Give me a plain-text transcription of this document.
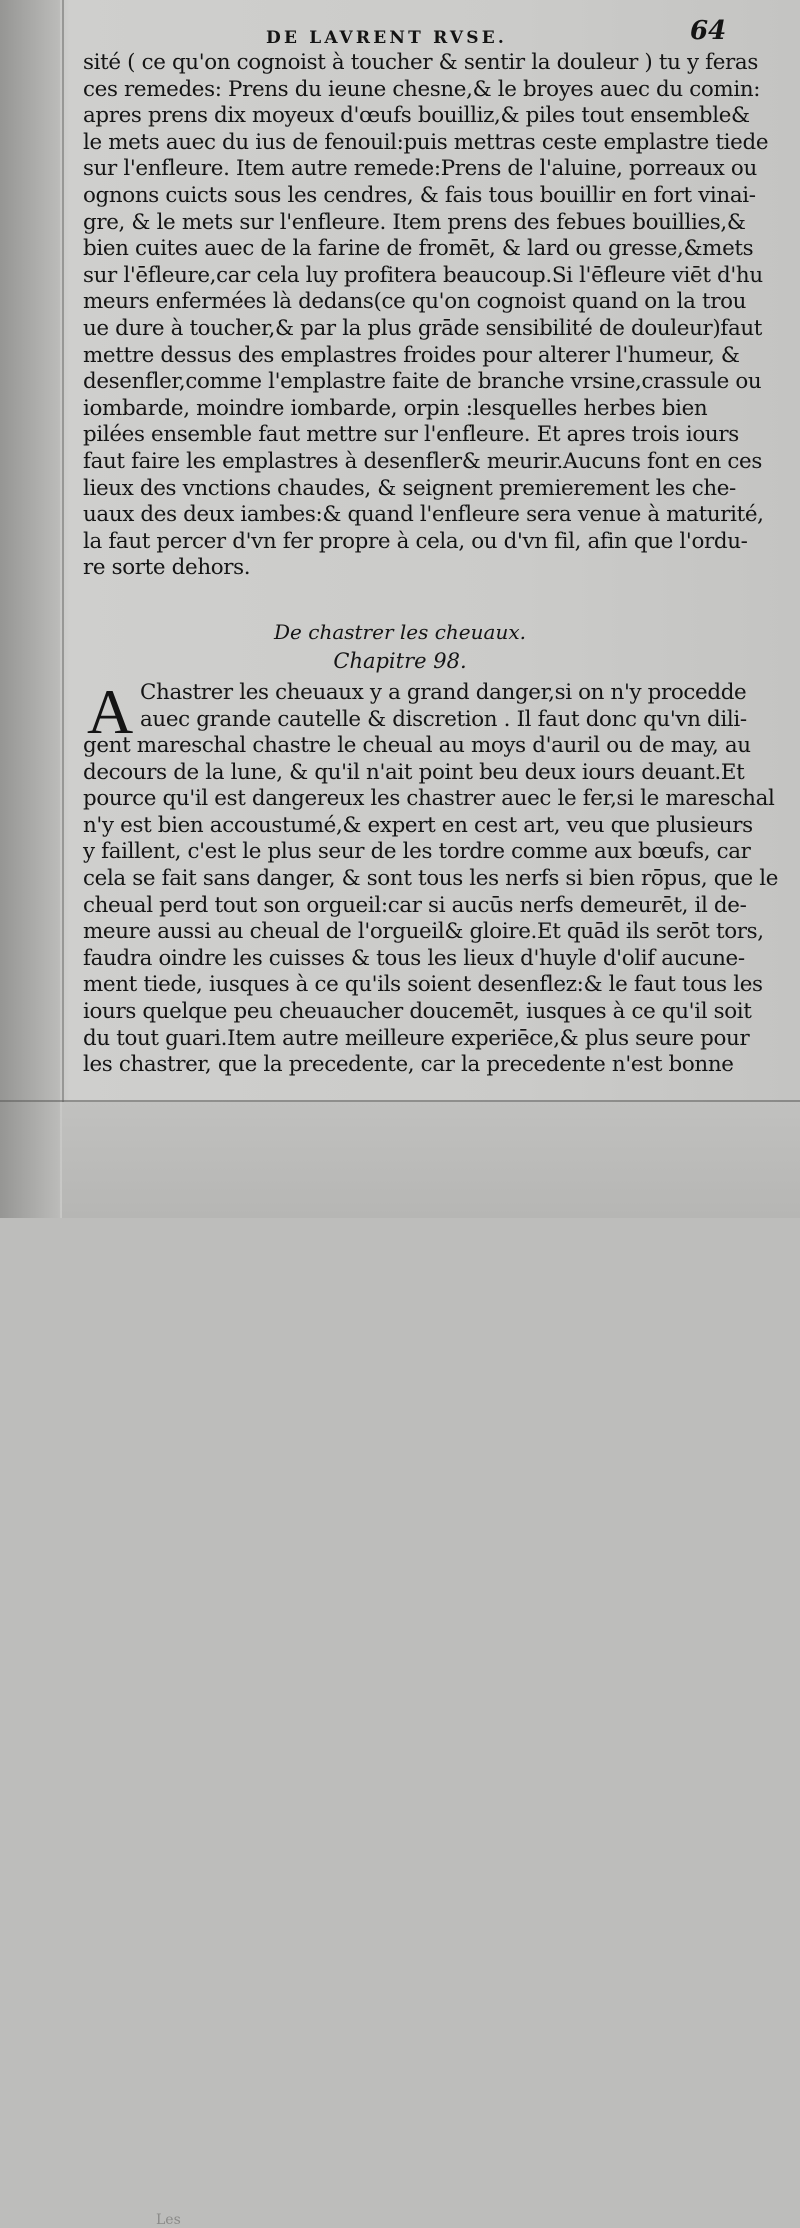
DE LAVRENT RVSE.	64
sité ( ce qu'on cognoist à toucher & sentir la douleur ) tu y feras
ces remedes: Prens du ieune chesne,& le broyes auec du comin:
apres prens dix moyeux d'œufs bouilliz,& piles tout ensemble&
le mets auec du ius de fenouil:puis mettras ceste emplastre tiede
sur l'enfleure. Item autre remede:Prens de l'aluine, porreaux ou
ognons cuicts sous les cendres, & fais tous bouillir en fort vinai-
gre, & le mets sur l'enfleure. Item prens des febues bouillies,&
bien cuites auec de la farine de fromēt, & lard ou gresse,&mets
sur l'ēfleure,car cela luy profitera beaucoup.Si l'ēfleure viēt d'hu
meurs enfermées là dedans(ce qu'on cognoist quand on la trou
ue dure à toucher,& par la plus grāde sensibilité de douleur)faut
mettre dessus des emplastres froides pour alterer l'humeur, &
desenfler,comme l'emplastre faite de branche vrsine,crassule ou
iombarde, moindre iombarde, orpin :lesquelles herbes bien
pilées ensemble faut mettre sur l'enfleure. Et apres trois iours
faut faire les emplastres à desenfler& meurir.Aucuns font en ces
lieux des vnctions chaudes, & seignent premierement les che-
uaux des deux iambes:& quand l'enfleure sera venue à maturité,
la faut percer d'vn fer propre à cela, ou d'vn fil, afin que l'ordu-
re sorte dehors.
De chastrer les cheuaux.
Chapitre 98.
A Chastrer les cheuaux y a grand danger,si on n'y procedde
auec grande cautelle & discretion . Il faut donc qu'vn dili-
gent mareschal chastre le cheual au moys d'auril ou de may, au
decours de la lune, & qu'il n'ait point beu deux iours deuant.Et
pource qu'il est dangereux les chastrer auec le fer,si le mareschal
n'y est bien accoustumé,& expert en cest art, veu que plusieurs
y faillent, c'est le plus seur de les tordre comme aux bœufs, car
cela se fait sans danger, & sont tous les nerfs si bien rōpus, que le
cheual perd tout son orgueil:car si aucūs nerfs demeurēt, il de-
meure aussi au cheual de l'orgueil& gloire.Et quād ils serōt tors,
faudra oindre les cuisses & tous les lieux d'huyle d'olif aucune-
ment tiede, iusques à ce qu'ils soient desenflez:& le faut tous les
iours quelque peu cheuaucher doucemēt, iusques à ce qu'il soit
du tout guari.Item autre meilleure experiēce,& plus seure pour
les chastrer, que la precedente, car la precedente n'est bonne
Les
